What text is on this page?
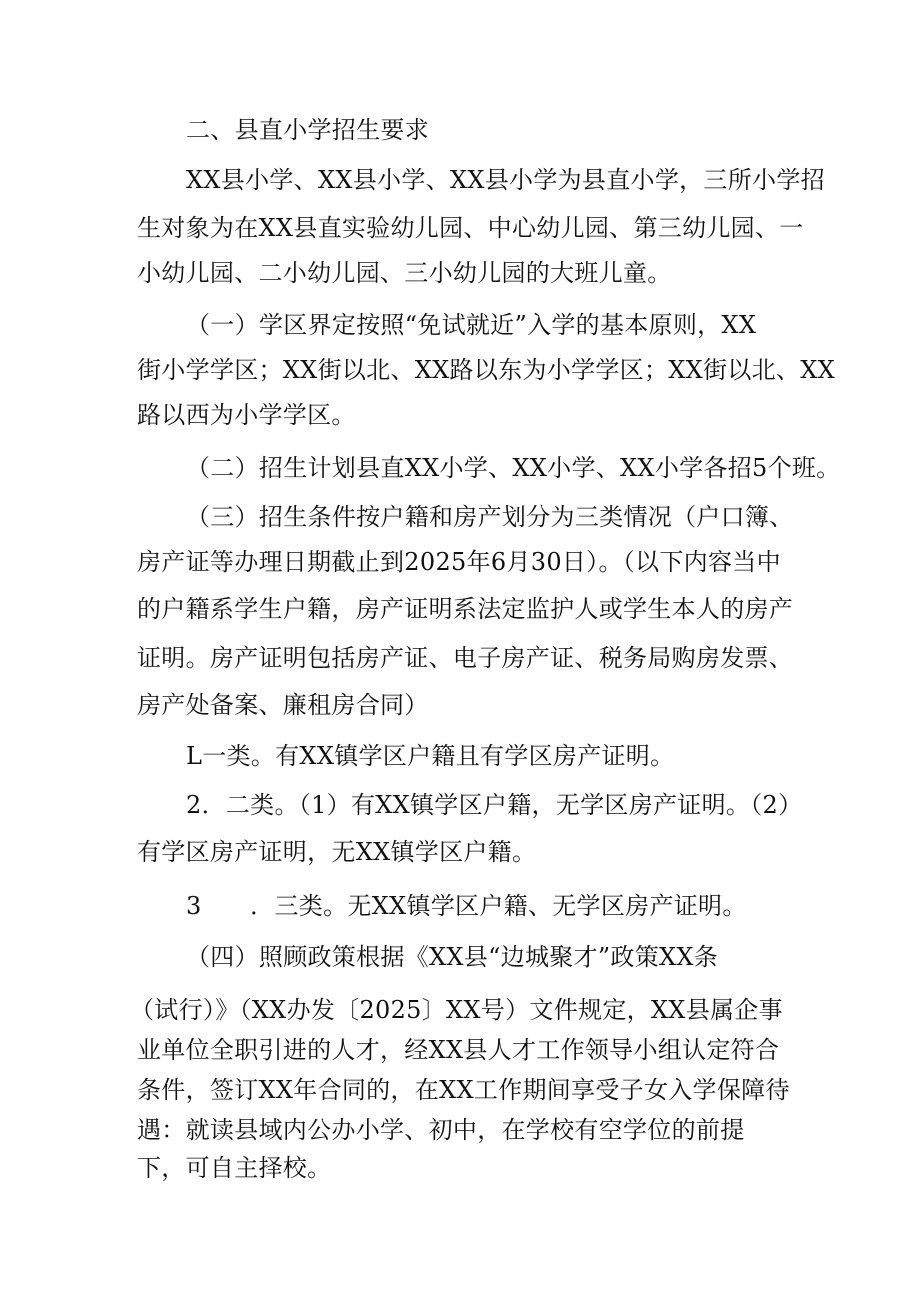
二、县直小学招生要求
XX县小学、XX县小学、XX县小学为县直小学，三所小学招
生对象为在XX县直实验幼儿园、中心幼儿园、第三幼儿园、一
小幼儿园、二小幼儿园、三小幼儿园的大班儿童。
（一）学区界定按照“免试就近”入学的基本原则，XX
街小学学区；XX街以北、XX路以东为小学学区；XX街以北、XX
路以西为小学学区。
（二）招生计划县直XX小学、XX小学、XX小学各招5个班。
（三）招生条件按户籍和房产划分为三类情况（户口簿、
房产证等办理日期截止到2025年6月30日）。（以下内容当中
的户籍系学生户籍，房产证明系法定监护人或学生本人的房产
证明。房产证明包括房产证、电子房产证、税务局购房发票、
房产处备案、廉租房合同）
L一类。有XX镇学区户籍且有学区房产证明。
2．二类。（1）有XX镇学区户籍，无学区房产证明。（2）
有学区房产证明，无XX镇学区户籍。
3　　．三类。无XX镇学区户籍、无学区房产证明。
（四）照顾政策根据《XX县“边城聚才”政策XX条
（试行）》（XX办发〔2025〕XX号）文件规定，XX县属企事
业单位全职引进的人才，经XX县人才工作领导小组认定符合
条件，签订XX年合同的，在XX工作期间享受子女入学保障待
遇：就读县域内公办小学、初中，在学校有空学位的前提
下，可自主择校。
